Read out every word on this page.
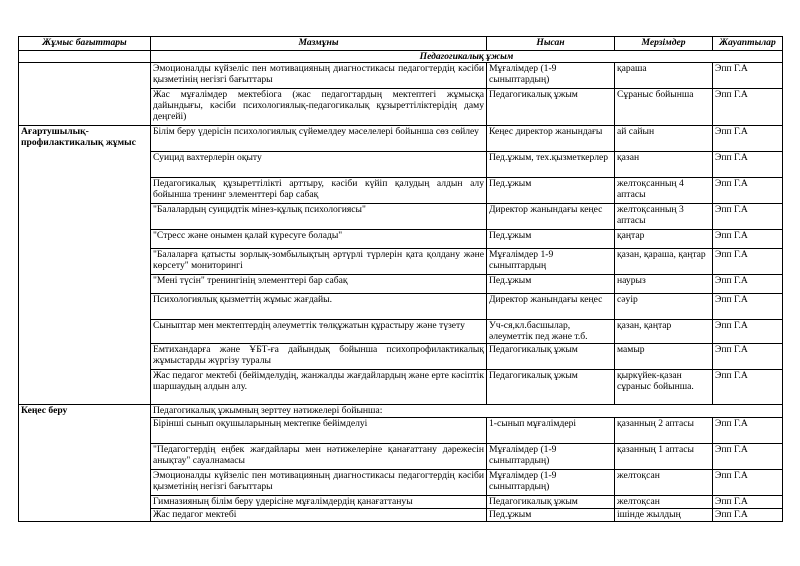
Жұмыс бағыттары	Мазмұны	Нысан	Мерзімдер	Жауаптылар
	Педагогикалық ұжым			
	Эмоционалды күйзеліс пен мотивацияның диагностикасы педагогтердің кәсіби қызметінің негізгі бағыттары	Мұғалімдер (1-9 сыныптардың)	қараша	Эпп Г.А
	Жас мұғалімдер мектебіога (жас педагогтардың мектептегі жұмысқа дайындығы, кәсіби психологиялық-педагогикалық құзыреттіліктерідің даму деңгейі)	Педагогикалық ұжым	Сұраныс бойынша	Эпп Г.А
Ағартушылық-профилактикалық жұмыс	Білім беру үдерісін психологиялық сүйемелдеу мәселелері бойынша сөз сөйлеу	Кеңес директор жанындағы	ай сайын	Эпп Г.А
	Суицид вахтерлерін оқыту	Пед.ұжым, тех.қызметкерлер	қазан	Эпп Г.А
	Педагогикалық құзыреттілікті арттыру, кәсіби күйіп қалудың алдын алу бойынша тренинг элементтері бар сабақ	Пед.ұжым	желтоқсанның 4 аптасы	Эпп Г.А
	"Балалардың суицидтік мінез-құлық психологиясы"	Директор жанындағы кеңес	желтоқсанның 3 аптасы	Эпп Г.А
	"Стресс және онымен қалай күресуге болады"	Пед.ұжым	қаңтар	Эпп Г.А
	"Балаларға қатысты зорлық-зомбылықтың әртүрлі түрлерін қата қолдану және көрсету" мониторингі	Мұғалімдер 1-9 сыныптардың	қазан, қараша, қаңтар	Эпп Г.А
	"Мені түсін" тренингінің элементтері бар сабақ	Пед.ұжым	наурыз	Эпп Г.А
	Психологиялық қызметтің жұмыс жағдайы.	Директор жанындағы кеңес	сәуір	Эпп Г.А
	Сыныптар мен мектептердің әлеуметтік төлқұжатын құрастыру және түзету	Уч-ся,кл.басшылар, әлеуметтік пед және т.б.	қазан, қаңтар	Эпп Г.А
	Емтихандарға және ҰБТ-ға дайындық бойынша психопрофилактикалық жұмыстарды жүргізу туралы	Педагогикалық ұжым	мамыр	Эпп Г.А
	Жас педагог мектебі (бейімделудің, жанжалды жағдайлардың және ерте кәсіптік шаршаудың алдын алу.	Педагогикалық ұжым	қыркүйек-қазан сұраныс бойынша.	Эпп Г.А
Кеңес беру	Педагогикалық ұжымның зерттеу нәтижелері бойынша:			
	Бірінші сынып оқушыларының мектепке бейімделуі	1-сынып мұғалімдері	қазанның 2 аптасы	Эпп Г.А
	"Педагогтердің еңбек жағдайлары мен нәтижелеріне қанағаттану дәрежесін анықтау" сауалнамасы	Мұғалімдер (1-9 сыныптардың)	қазанның 1 аптасы	Эпп Г.А
	Эмоционалды күйзеліс пен мотивацияның диагностикасы педагогтердің кәсіби қызметінің негізгі бағыттары	Мұғалімдер (1-9 сыныптардың)	желтоқсан	Эпп Г.А
	Гимназияның білім беру үдерісіне мұғалімдердің қанағаттануы	Педагогикалық ұжым	желтоқсан	Эпп Г.А
	Жас педагог мектебі	Пед.ұжым	ішінде жылдың	Эпп Г.А
